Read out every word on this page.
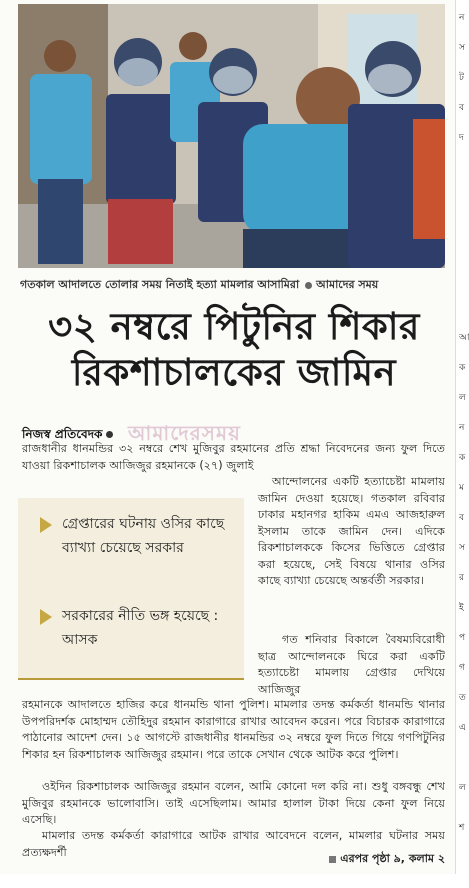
গতকাল আদালতে তোলার সময় নিতাই হত্যা মামলার আসামিরা আমাদের সময়
৩২ নম্বরে পিটুনির শিকার
রিকশাচালকের জামিন
নিজস্ব প্রতিবেদক	আমাদেরসময়
রাজধানীর ধানমন্ডির ৩২ নম্বরে শেখ মুজিবুর রহমানের প্রতি শ্রদ্ধা নিবেদনের জন্য ফুল দিতে যাওয়া রিকশাচালক আজিজুর রহমানকে (২৭) জুলাই
গ্রেপ্তারের ঘটনায় ওসির কাছে ব্যাখ্যা চেয়েছে সরকার
সরকারের নীতি ভঙ্গ হয়েছে : আসক
আন্দোলনের একটি হত্যাচেষ্টা মামলায় জামিন দেওয়া হয়েছে। গতকাল রবিবার ঢাকার মহানগর হাকিম এমএ আজহারুল ইসলাম তাকে জামিন দেন। এদিকে রিকশাচালককে কিসের ভিত্তিতে গ্রেপ্তার করা হয়েছে, সেই বিষয়ে থানার ওসির কাছে ব্যাখ্যা চেয়েছে অন্তর্বর্তী সরকার।
গত শনিবার বিকালে বৈষম্যবিরোধী ছাত্র আন্দোলনকে ঘিরে করা একটি হত্যাচেষ্টা মামলায় গ্রেপ্তার দেখিয়ে আজিজুর
রহমানকে আদালতে হাজির করে ধানমন্ডি থানা পুলিশ। মামলার তদন্ত কর্মকর্তা ধানমন্ডি থানার উপপরিদর্শক মোহাম্মদ তৌহিদুর রহমান কারাগারে রাখার আবেদন করেন। পরে বিচারক কারাগারে পাঠানোর আদেশ দেন। ১৫ আগস্টে রাজধানীর ধানমন্ডির ৩২ নম্বরে ফুল দিতে গিয়ে গণপিটুনির শিকার হন রিকশাচালক আজিজুর রহমান। পরে তাকে সেখান থেকে আটক করে পুলিশ।
ওইদিন রিকশাচালক আজিজুর রহমান বলেন, আমি কোনো দল করি না। শুধু বঙ্গবন্ধু শেখ মুজিবুর রহমানকে ভালোবাসি। তাই এসেছিলাম। আমার হালাল টাকা দিয়ে কেনা ফুল নিয়ে এসেছি।
মামলার তদন্ত কর্মকর্তা কারাগারে আটক রাখার আবেদনে বলেন, মামলার ঘটনার সময় প্রত্যক্ষদর্শী	এরপর পৃষ্ঠা ৯, কলাম ২
ন
স
ট
ব
দ
আ
ক
ল
ন
ক
ম
ব
স
র
ই
প
গ
ত
এ
ল
শ
